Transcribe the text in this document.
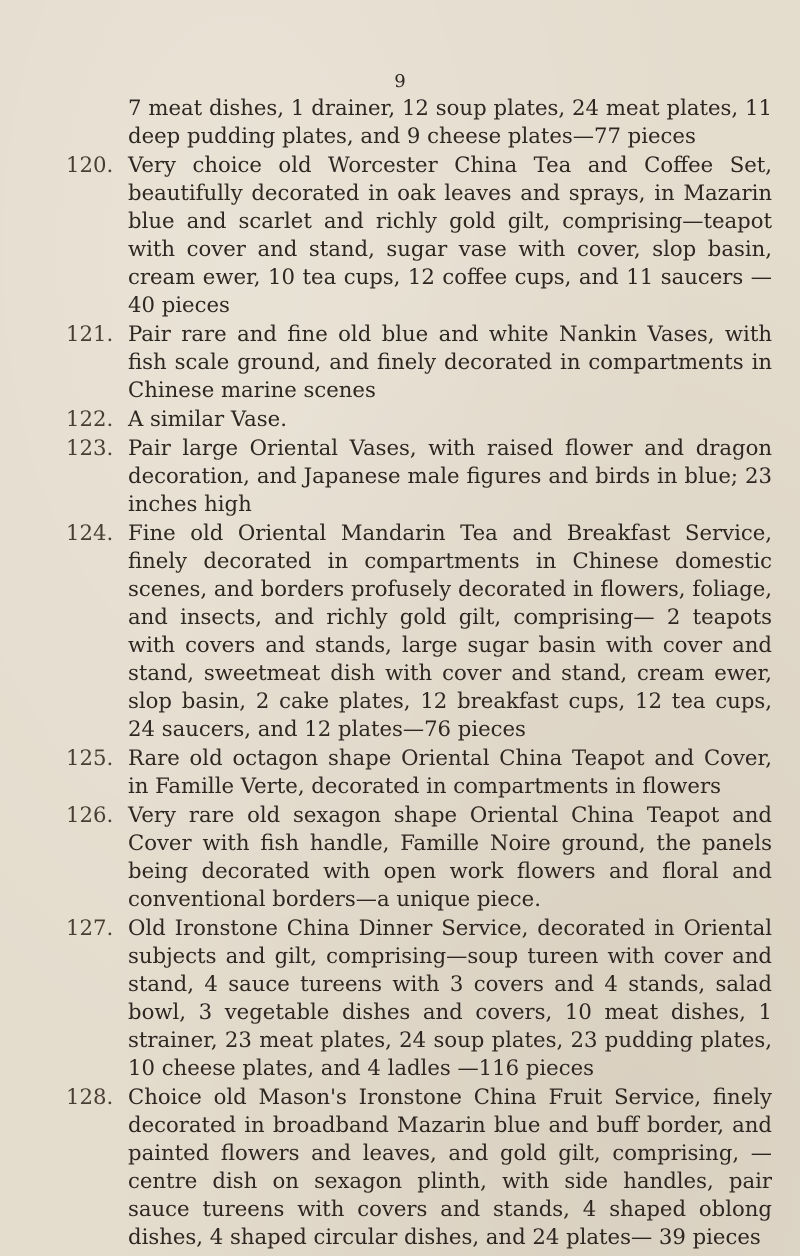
9
7 meat dishes, 1 drainer, 12 soup plates, 24 meat plates, 11 deep pudding plates, and 9 cheese plates—77 pieces
120. Very choice old Worcester China Tea and Coffee Set, beautifully decorated in oak leaves and sprays, in Mazarin blue and scarlet and richly gold gilt, comprising—teapot with cover and stand, sugar vase with cover, slop basin, cream ewer, 10 tea cups, 12 coffee cups, and 11 saucers —40 pieces
121. Pair rare and fine old blue and white Nankin Vases, with fish scale ground, and finely decorated in compartments in Chinese marine scenes
122. A similar Vase.
123. Pair large Oriental Vases, with raised flower and dragon decoration, and Japanese male figures and birds in blue; 23 inches high
124. Fine old Oriental Mandarin Tea and Breakfast Service, finely decorated in compartments in Chinese domestic scenes, and borders profusely decorated in flowers, foliage, and insects, and richly gold gilt, comprising— 2 teapots with covers and stands, large sugar basin with cover and stand, sweetmeat dish with cover and stand, cream ewer, slop basin, 2 cake plates, 12 breakfast cups, 12 tea cups, 24 saucers, and 12 plates—76 pieces
125. Rare old octagon shape Oriental China Teapot and Cover, in Famille Verte, decorated in compartments in flowers
126. Very rare old sexagon shape Oriental China Teapot and Cover with fish handle, Famille Noire ground, the panels being decorated with open work flowers and floral and conventional borders—a unique piece.
127. Old Ironstone China Dinner Service, decorated in Oriental subjects and gilt, comprising—soup tureen with cover and stand, 4 sauce tureens with 3 covers and 4 stands, salad bowl, 3 vegetable dishes and covers, 10 meat dishes, 1 strainer, 23 meat plates, 24 soup plates, 23 pudding plates, 10 cheese plates, and 4 ladles —116 pieces
128. Choice old Mason's Ironstone China Fruit Service, finely decorated in broadband Mazarin blue and buff border, and painted flowers and leaves, and gold gilt, comprising, —centre dish on sexagon plinth, with side handles, pair sauce tureens with covers and stands, 4 shaped oblong dishes, 4 shaped circular dishes, and 24 plates— 39 pieces
